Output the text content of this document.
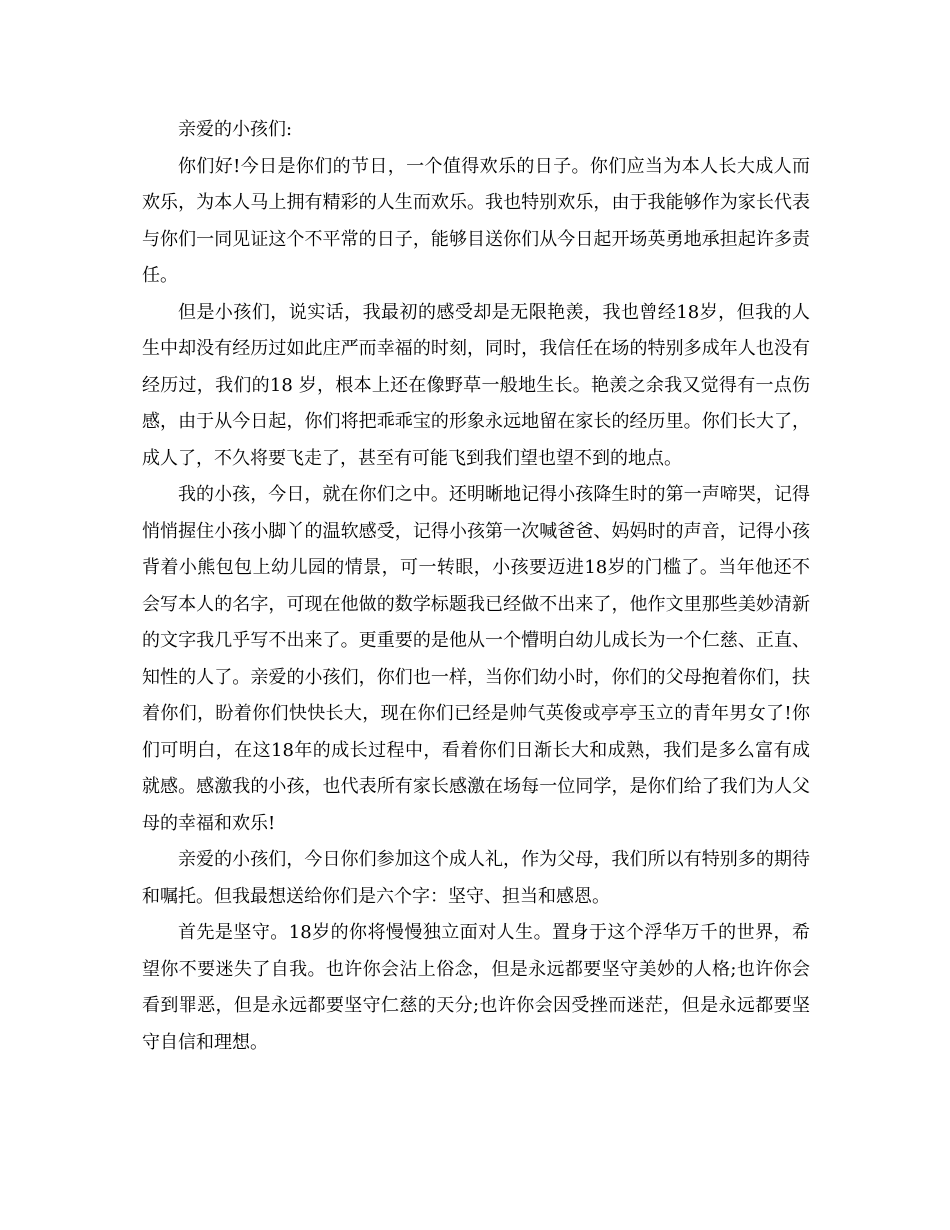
亲爱的小孩们:

你们好!今日是你们的节日，一个值得欢乐的日子。你们应当为本人长大成人而欢乐，为本人马上拥有精彩的人生而欢乐。我也特别欢乐，由于我能够作为家长代表与你们一同见证这个不平常的日子，能够目送你们从今日起开场英勇地承担起许多责任。

但是小孩们，说实话，我最初的感受却是无限艳羡，我也曾经18岁，但我的人生中却没有经历过如此庄严而幸福的时刻，同时，我信任在场的特别多成年人也没有经历过，我们的18 岁，根本上还在像野草一般地生长。艳羡之余我又觉得有一点伤感，由于从今日起，你们将把乖乖宝的形象永远地留在家长的经历里。你们长大了，成人了，不久将要飞走了，甚至有可能飞到我们望也望不到的地点。

我的小孩，今日，就在你们之中。还明晰地记得小孩降生时的第一声啼哭，记得悄悄握住小孩小脚丫的温软感受，记得小孩第一次喊爸爸、妈妈时的声音，记得小孩背着小熊包包上幼儿园的情景，可一转眼，小孩要迈进18岁的门槛了。当年他还不会写本人的名字，可现在他做的数学标题我已经做不出来了，他作文里那些美妙清新的文字我几乎写不出来了。更重要的是他从一个懵明白幼儿成长为一个仁慈、正直、知性的人了。亲爱的小孩们，你们也一样，当你们幼小时，你们的父母抱着你们，扶着你们，盼着你们快快长大，现在你们已经是帅气英俊或亭亭玉立的青年男女了!你们可明白，在这18年的成长过程中，看着你们日渐长大和成熟，我们是多么富有成就感。感激我的小孩，也代表所有家长感激在场每一位同学，是你们给了我们为人父母的幸福和欢乐!

亲爱的小孩们，今日你们参加这个成人礼，作为父母，我们所以有特别多的期待和嘱托。但我最想送给你们是六个字：坚守、担当和感恩。

首先是坚守。18岁的你将慢慢独立面对人生。置身于这个浮华万千的世界，希望你不要迷失了自我。也许你会沾上俗念，但是永远都要坚守美妙的人格;也许你会看到罪恶，但是永远都要坚守仁慈的天分;也许你会因受挫而迷茫，但是永远都要坚守自信和理想。
